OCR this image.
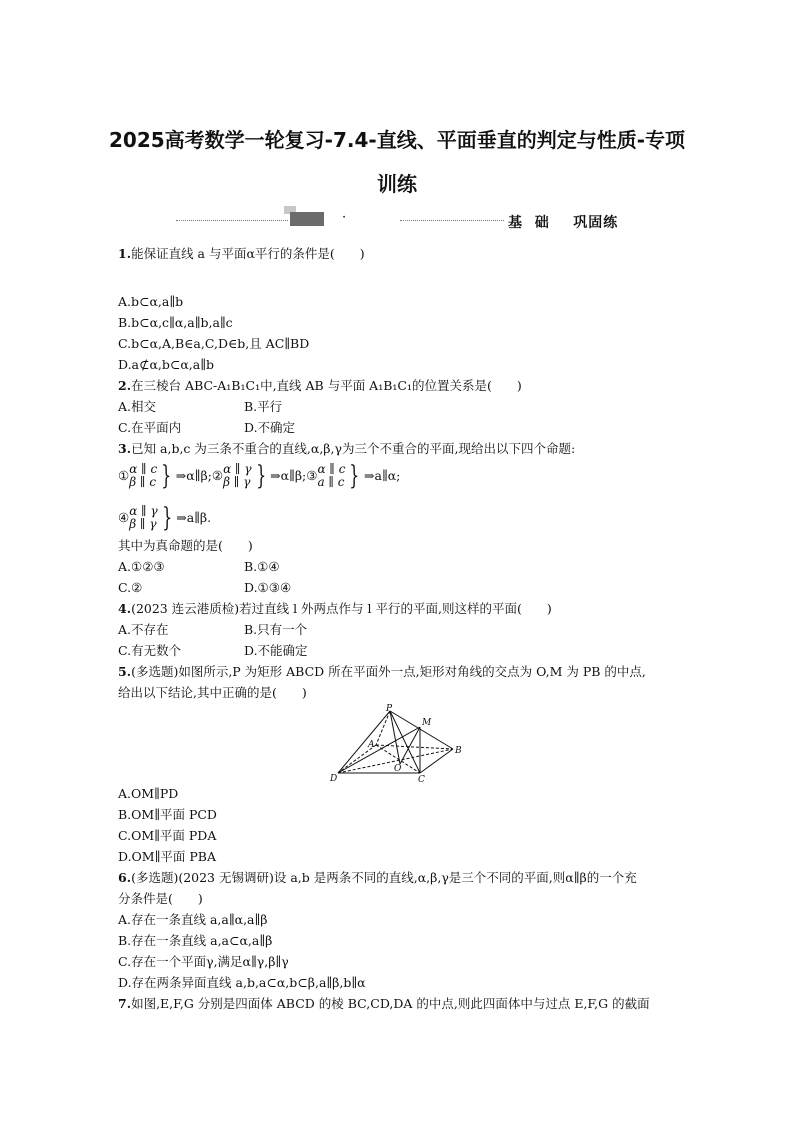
2025高考数学一轮复习-7.4-直线、平面垂直的判定与性质-专项
训练
·	基  础    巩固练
1.能保证直线 a 与平面α平行的条件是(　　)
A.b⊂α,a∥b
B.b⊂α,c∥α,a∥b,a∥c
C.b⊂α,A,B∈a,C,D∈b,且 AC∥BD
D.a⊄α,b⊂α,a∥b
2.在三棱台 ABC-A₁B₁C₁中,直线 AB 与平面 A₁B₁C₁的位置关系是(　　)
A.相交	B.平行
C.在平面内	D.不确定
3.已知 a,b,c 为三条不重合的直线,α,β,γ为三个不重合的平面,现给出以下四个命题:
① α ∥ c
β ∥ c } ⇒α∥β; ② α ∥ γ
β ∥ γ } ⇒α∥β; ③ α ∥ c
a ∥ c } ⇒a∥α;
④ α ∥ γ
β ∥ γ } ⇒a∥β.
其中为真命题的是(　　)
A.①②③	B.①④
C.②	D.①③④
4.(2023 连云港质检)若过直线 l 外两点作与 l 平行的平面,则这样的平面(　　)
A.不存在	B.只有一个
C.有无数个	D.不能确定
5.(多选题)如图所示,P 为矩形 ABCD 所在平面外一点,矩形对角线的交点为 O,M 为 PB 的中点,
给出以下结论,其中正确的是(　　)
P
M
A
B
O
D	C
A.OM∥PD
B.OM∥平面 PCD
C.OM∥平面 PDA
D.OM∥平面 PBA
6.(多选题)(2023 无锡调研)设 a,b 是两条不同的直线,α,β,γ是三个不同的平面,则α∥β的一个充
分条件是(　　)
A.存在一条直线 a,a∥α,a∥β
B.存在一条直线 a,a⊂α,a∥β
C.存在一个平面γ,满足α∥γ,β∥γ
D.存在两条异面直线 a,b,a⊂α,b⊂β,a∥β,b∥α
7.如图,E,F,G 分别是四面体 ABCD 的棱 BC,CD,DA 的中点,则此四面体中与过点 E,F,G 的截面
